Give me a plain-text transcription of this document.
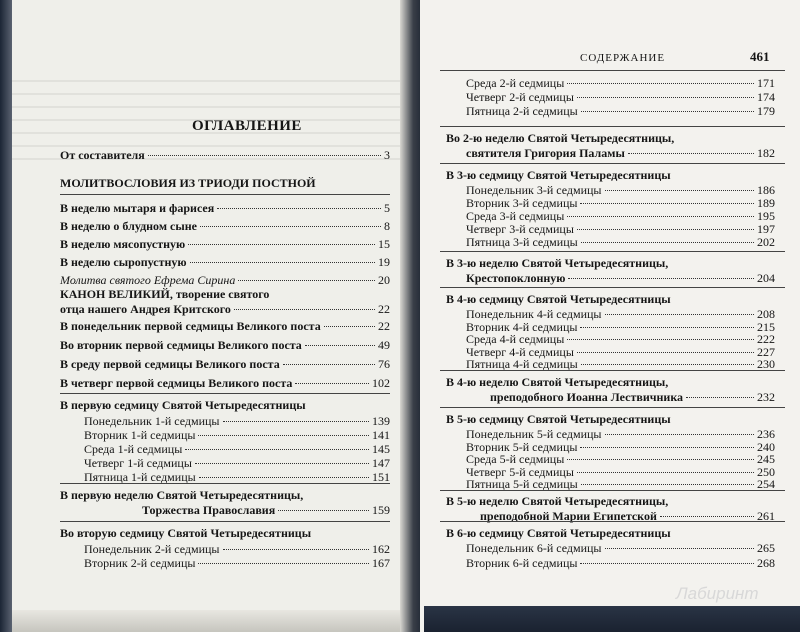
ОГЛАВЛЕНИЕ
От составителя	3
МОЛИТВОСЛОВИЯ ИЗ ТРИОДИ ПОСТНОЙ
В неделю мытаря и фарисея	5
В неделю о блудном сыне	8
В неделю мясопустную	15
В неделю сыропустную	19
Молитва святого Ефрема Сирина	20
КАНОН ВЕЛИКИЙ, творение святого
отца нашего Андрея Критского	22
В понедельник первой седмицы Великого поста	22
Во вторник первой седмицы Великого поста	49
В среду первой седмицы Великого поста	76
В четверг первой седмицы Великого поста	102
В первую седмицу Святой Четыредесятницы
Понедельник 1-й седмицы	139
Вторник 1-й седмицы	141
Среда 1-й седмицы	145
Четверг 1-й седмицы	147
Пятница 1-й седмицы	151
В первую неделю Святой Четыредесятницы,
Торжества Православия	159
Во вторую седмицу Святой Четыредесятницы
Понедельник 2-й седмицы	162
Вторник 2-й седмицы	167
СОДЕРЖАНИЕ	461
Среда 2-й седмицы	171
Четверг 2-й седмицы	174
Пятница 2-й седмицы	179
Во 2-ю неделю Святой Четыредесятницы,
святителя Григория Паламы	182
В 3-ю седмицу Святой Четыредесятницы
Понедельник 3-й седмицы	186
Вторник 3-й седмицы	189
Среда 3-й седмицы	195
Четверг 3-й седмицы	197
Пятница 3-й седмицы	202
В 3-ю неделю Святой Четыредесятницы,
Крестопоклонную	204
В 4-ю седмицу Святой Четыредесятницы
Понедельник 4-й седмицы	208
Вторник 4-й седмицы	215
Среда 4-й седмицы	222
Четверг 4-й седмицы	227
Пятница 4-й седмицы	230
В 4-ю неделю Святой Четыредесятницы,
преподобного Иоанна Лествичника	232
В 5-ю седмицу Святой Четыредесятницы
Понедельник 5-й седмицы	236
Вторник 5-й седмицы	240
Среда 5-й седмицы	245
Четверг 5-й седмицы	250
Пятница 5-й седмицы	254
В 5-ю неделю Святой Четыредесятницы,
преподобной Марии Египетской	261
В 6-ю седмицу Святой Четыредесятницы
Понедельник 6-й седмицы	265
Вторник 6-й седмицы	268
Лабиринт
